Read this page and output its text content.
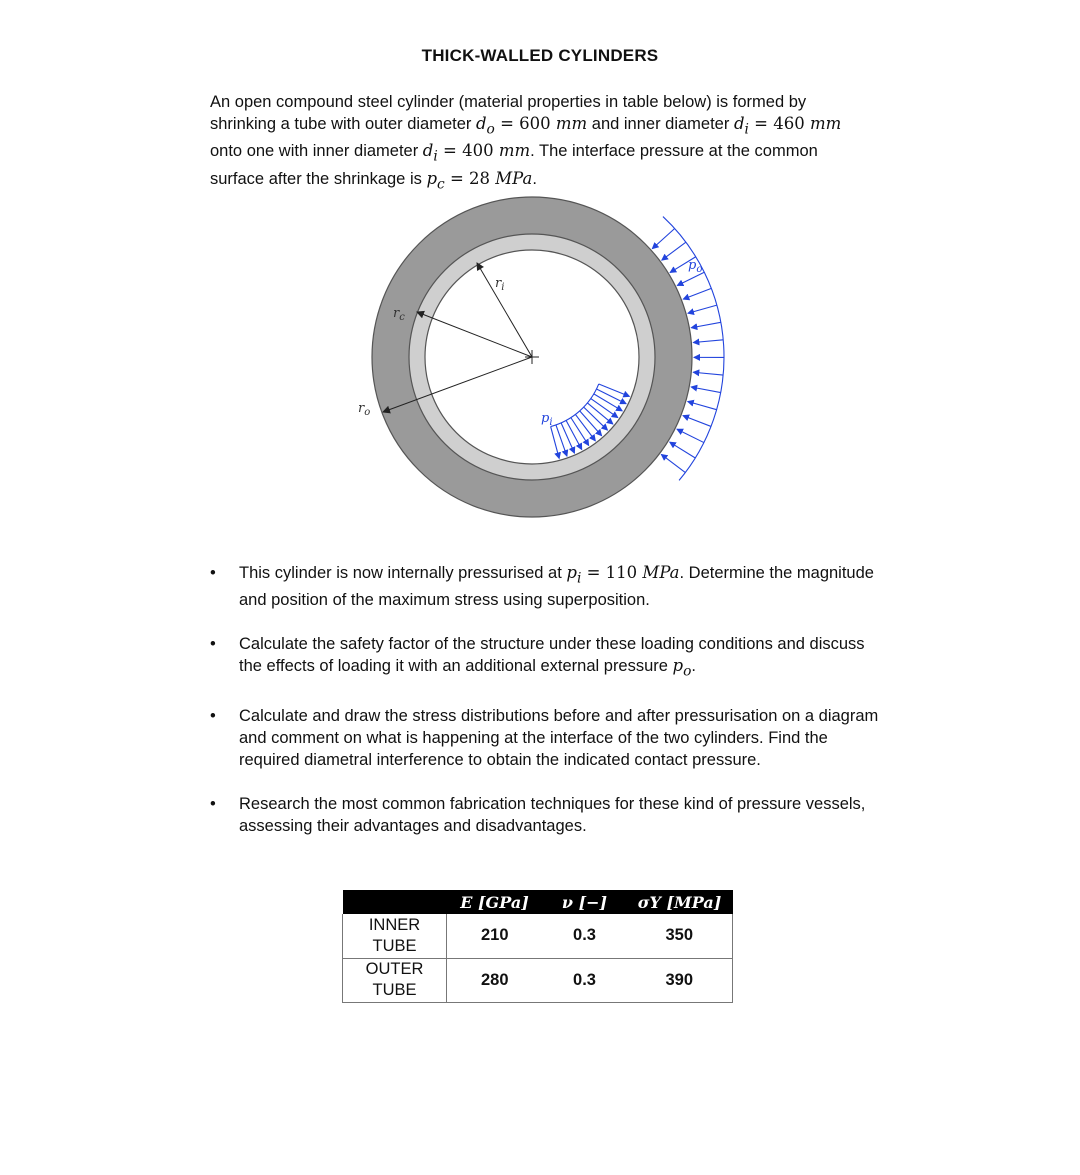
THICK-WALLED CYLINDERS
An open compound steel cylinder (material properties in table below) is formed by shrinking a tube with outer diameter $d_o = 600$ mm and inner diameter $d_i = 460$ mm onto one with inner diameter $d_i = 400$ mm. The interface pressure at the common surface after the shrinkage is $p_c = 28$ MPa.
$r_i$
$r_c$
$r_o$	$p_i$
$p_o$
• This cylinder is now internally pressurised at $p_i = 110$ MPa. Determine the magnitude and position of the maximum stress using superposition.
• Calculate the safety factor of the structure under these loading conditions and discuss the effects of loading it with an additional external pressure $p_o$.
• Calculate and draw the stress distributions before and after pressurisation on a diagram and comment on what is happening at the interface of the two cylinders. Find the required diametral interference to obtain the indicated contact pressure.
• Research the most common fabrication techniques for these kind of pressure vessels, assessing their advantages and disadvantages.
	E [GPa]	ν [−]	σY [MPa]
INNER
TUBE	210	0.3	350
OUTER
TUBE	280	0.3	390
